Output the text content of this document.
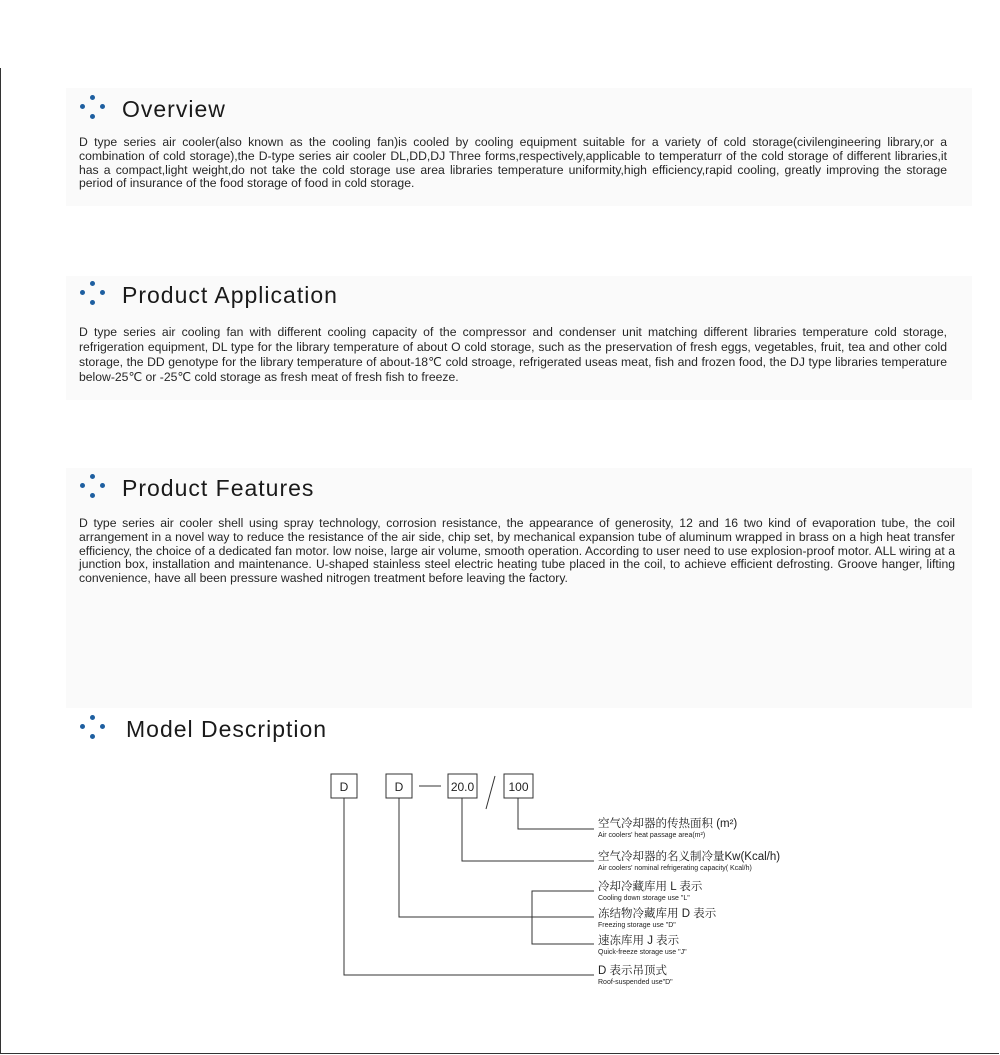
Overview

D type series air cooler(also known as the cooling fan)is cooled by cooling equipment suitable for a variety of cold storage(civilengineering library,or a combination of cold storage),the D-type series air cooler DL,DD,DJ Three forms,respectively,applicable to temperaturr of the cold storage of different libraries,it has a compact,light weight,do not take the cold storage use area libraries temperature uniformity,high efficiency,rapid cooling, greatly improving the storage period of insurance of the food storage of food in cold storage.

Product Application

D type series air cooling fan with different cooling capacity of the compressor and condenser unit matching different libraries temperature cold storage, refrigeration equipment, DL type for the library temperature of about O cold storage, such as the preservation of fresh eggs, vegetables, fruit, tea and other cold storage, the DD genotype for the library temperature of about-18℃ cold stroage, refrigerated useas meat, fish and frozen food, the DJ type libraries temperature below-25℃ or -25℃ cold storage as fresh meat of fresh fish to freeze.

Product Features

D type series air cooler shell using spray technology, corrosion resistance, the appearance of generosity, 12 and 16 two kind of evaporation tube, the coil arrangement in a novel way to reduce the resistance of the air side, chip set, by mechanical expansion tube of aluminum wrapped in brass on a high heat transfer efficiency, the choice of a dedicated fan motor. low noise, large air volume, smooth operation. According to user need to use explosion-proof motor. ALL wiring at a junction box, installation and maintenance. U-shaped stainless steel electric heating tube placed in the coil, to achieve efficient defrosting. Groove hanger, lifting convenience, have all been pressure washed nitrogen treatment before leaving the factory.

Model Description
D	D	20.0	100
空气冷却器的传热面积 (m²)
Air coolers' heat passage area(m²)
空气冷却器的名义制冷量Kw(Kcal/h)
Air coolers' nominal refrigerating capacity( Kcal/h)
冷却冷藏库用 L 表示
Cooling down storage use "L"
冻结物冷藏库用 D 表示
Freezing storage use "D"
速冻库用 J 表示
Quick-freeze storage use "J"
D 表示吊顶式
Roof-suspended use"D"
